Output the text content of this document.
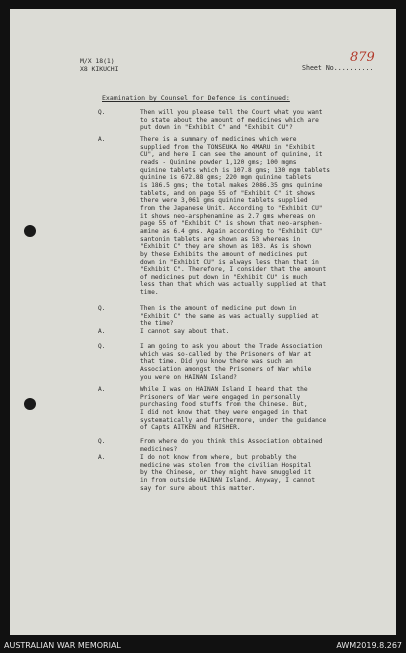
M/X 18(1)
X8 KIKUCHI	Sheet No..........
879
Examination by Counsel for Defence is continued:
Q.	Then will you please tell the Court what you want
to state about the amount of medicines which are
put down in "Exhibit C" and "Exhibit CU"?
A.	There is a summary of medicines which were
supplied from the TONSEUKA No 4MARU in "Exhibit
CU", and here I can see the amount of quinine, it
reads - Quinine powder 1,120 gms; 100 mgms
quinine tablets which is 107.8 gms; 130 mgm tablets
quinine is 672.88 gms; 220 mgm quinine tablets
is 186.5 gms; the total makes 2086.35 gms quinine
tablets, and on page 55 of "Exhibit C" it shows
there were 3,061 gms quinine tablets supplied
from the Japanese Unit. According to "Exhibit CU"
it shows neo-arsphenamine as 2.7 gms whereas on
page 55 of "Exhibit C" is shown that neo-arsphen-
amine as 6.4 gms. Again according to "Exhibit CU"
santonin tablets are shown as 53 whereas in
"Exhibit C" they are shown as 103. As is shown
by these Exhibits the amount of medicines put
down in "Exhibit CU" is always less than that in
"Exhibit C". Therefore, I consider that the amount
of medicines put down in "Exhibit CU" is much
less than that which was actually supplied at that
time.
Q.	Then is the amount of medicine put down in
"Exhibit C" the same as was actually supplied at
the time?
A.	I cannot say about that.
Q.	I am going to ask you about the Trade Association
which was so-called by the Prisoners of War at
that time. Did you know there was such an
Association amongst the Prisoners of War while
you were on HAINAN Island?
A.	While I was on HAINAN Island I heard that the
Prisoners of War were engaged in personally
purchasing food stuffs from the Chinese. But,
I did not know that they were engaged in that
systematically and furthermore, under the guidance
of Capts AITKEN and RISHER.
Q.	From where do you think this Association obtained
medicines?
A.	I do not know from where, but probably the
medicine was stolen from the civilian Hospital
by the Chinese, or they might have smuggled it
in from outside HAINAN Island. Anyway, I cannot
say for sure about this matter.
AUSTRALIAN WAR MEMORIAL	AWM2019.8.267
